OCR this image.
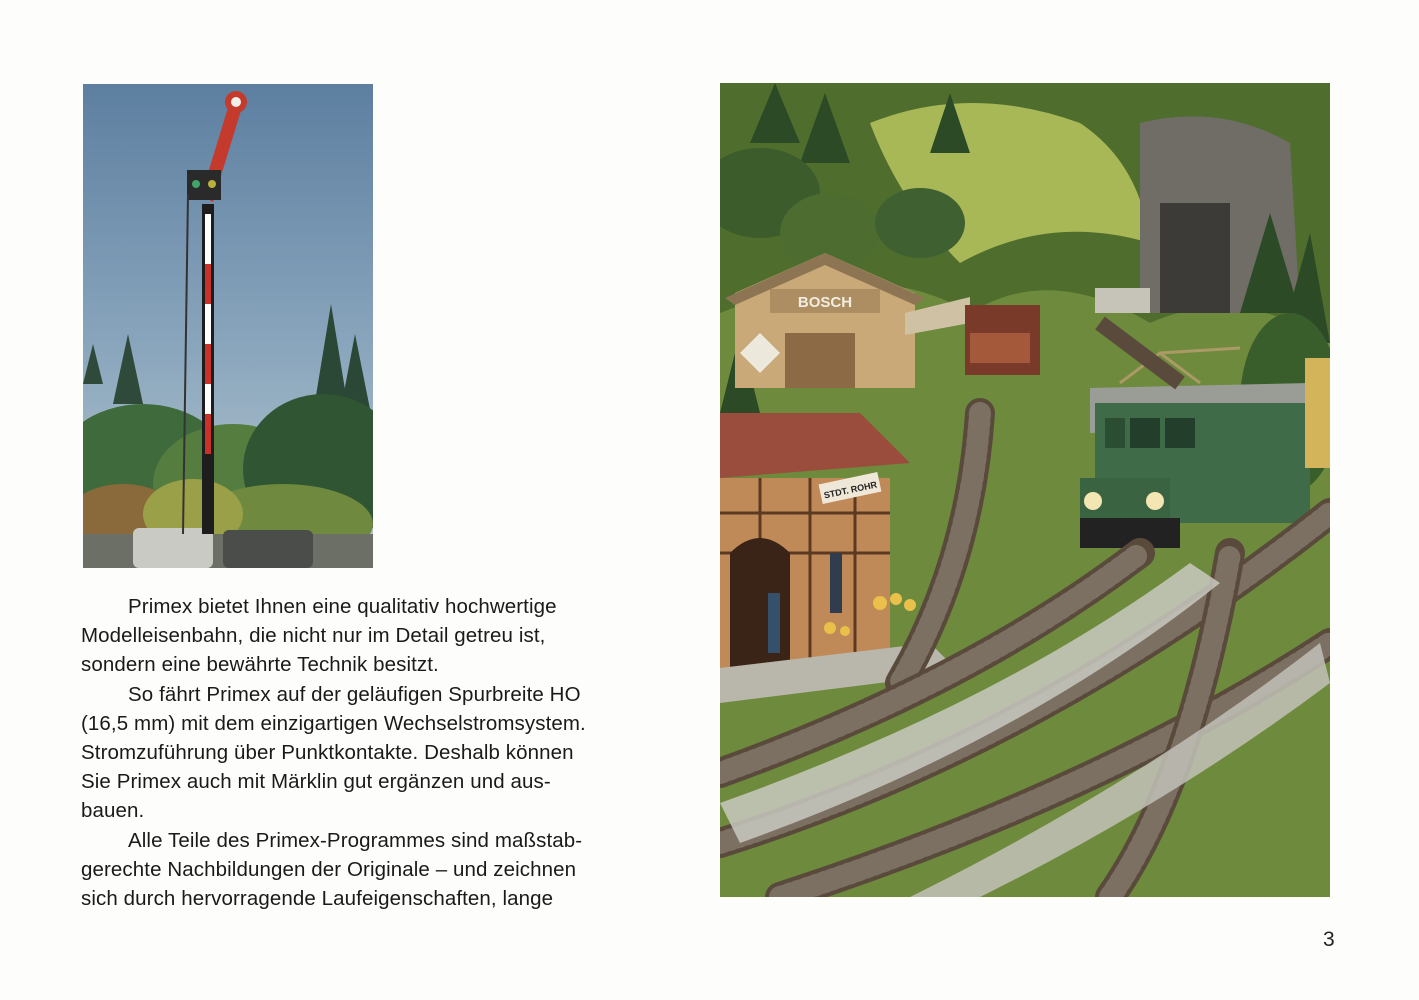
BOSCH
STDT. ROHR

Primex bietet Ihnen eine qualitativ hochwertige
Modelleisenbahn, die nicht nur im Detail getreu ist,
sondern eine bewährte Technik besitzt.

So fährt Primex auf der geläufigen Spurbreite HO
(16,5 mm) mit dem einzigartigen Wechselstromsystem.
Stromzuführung über Punktkontakte. Deshalb können
Sie Primex auch mit Märklin gut ergänzen und aus-
bauen.

Alle Teile des Primex-Programmes sind maßstab-
gerechte Nachbildungen der Originale – und zeichnen
sich durch hervorragende Laufeigenschaften, lange

3
